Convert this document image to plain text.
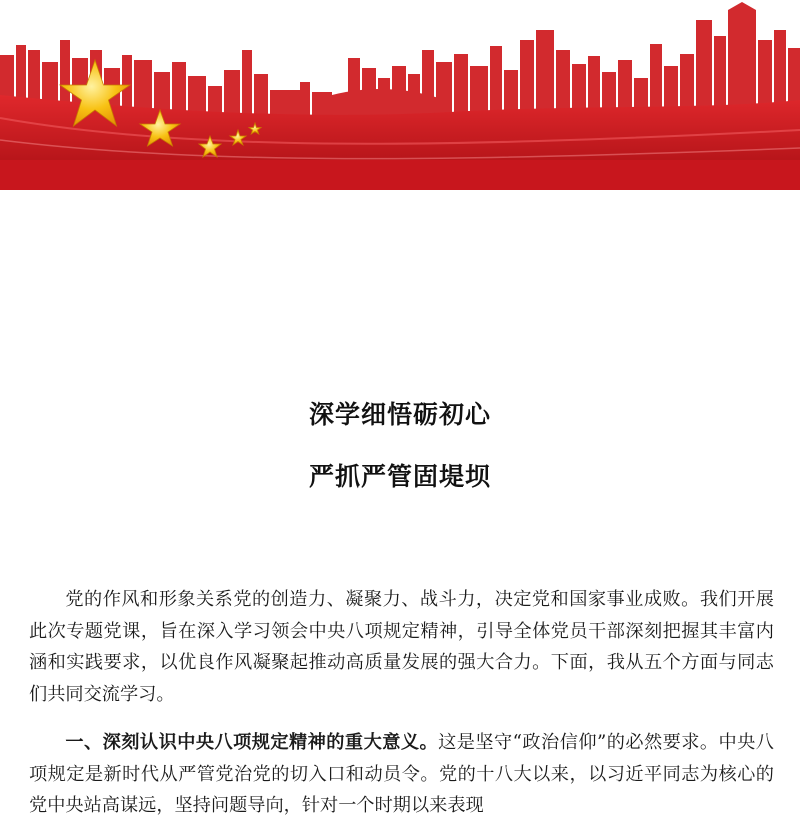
深学细悟砺初心
严抓严管固堤坝

党的作风和形象关系党的创造力、凝聚力、战斗力，决定党和国家事业成败。我们开展此次专题党课，旨在深入学习领会中央八项规定精神，引导全体党员干部深刻把握其丰富内涵和实践要求，以优良作风凝聚起推动高质量发展的强大合力。下面，我从五个方面与同志们共同交流学习。

一、深刻认识中央八项规定精神的重大意义。这是坚守“政治信仰”的必然要求。中央八项规定是新时代从严管党治党的切入口和动员令。党的十八大以来，以习近平同志为核心的党中央站高谋远，坚持问题导向，针对一个时期以来表现
